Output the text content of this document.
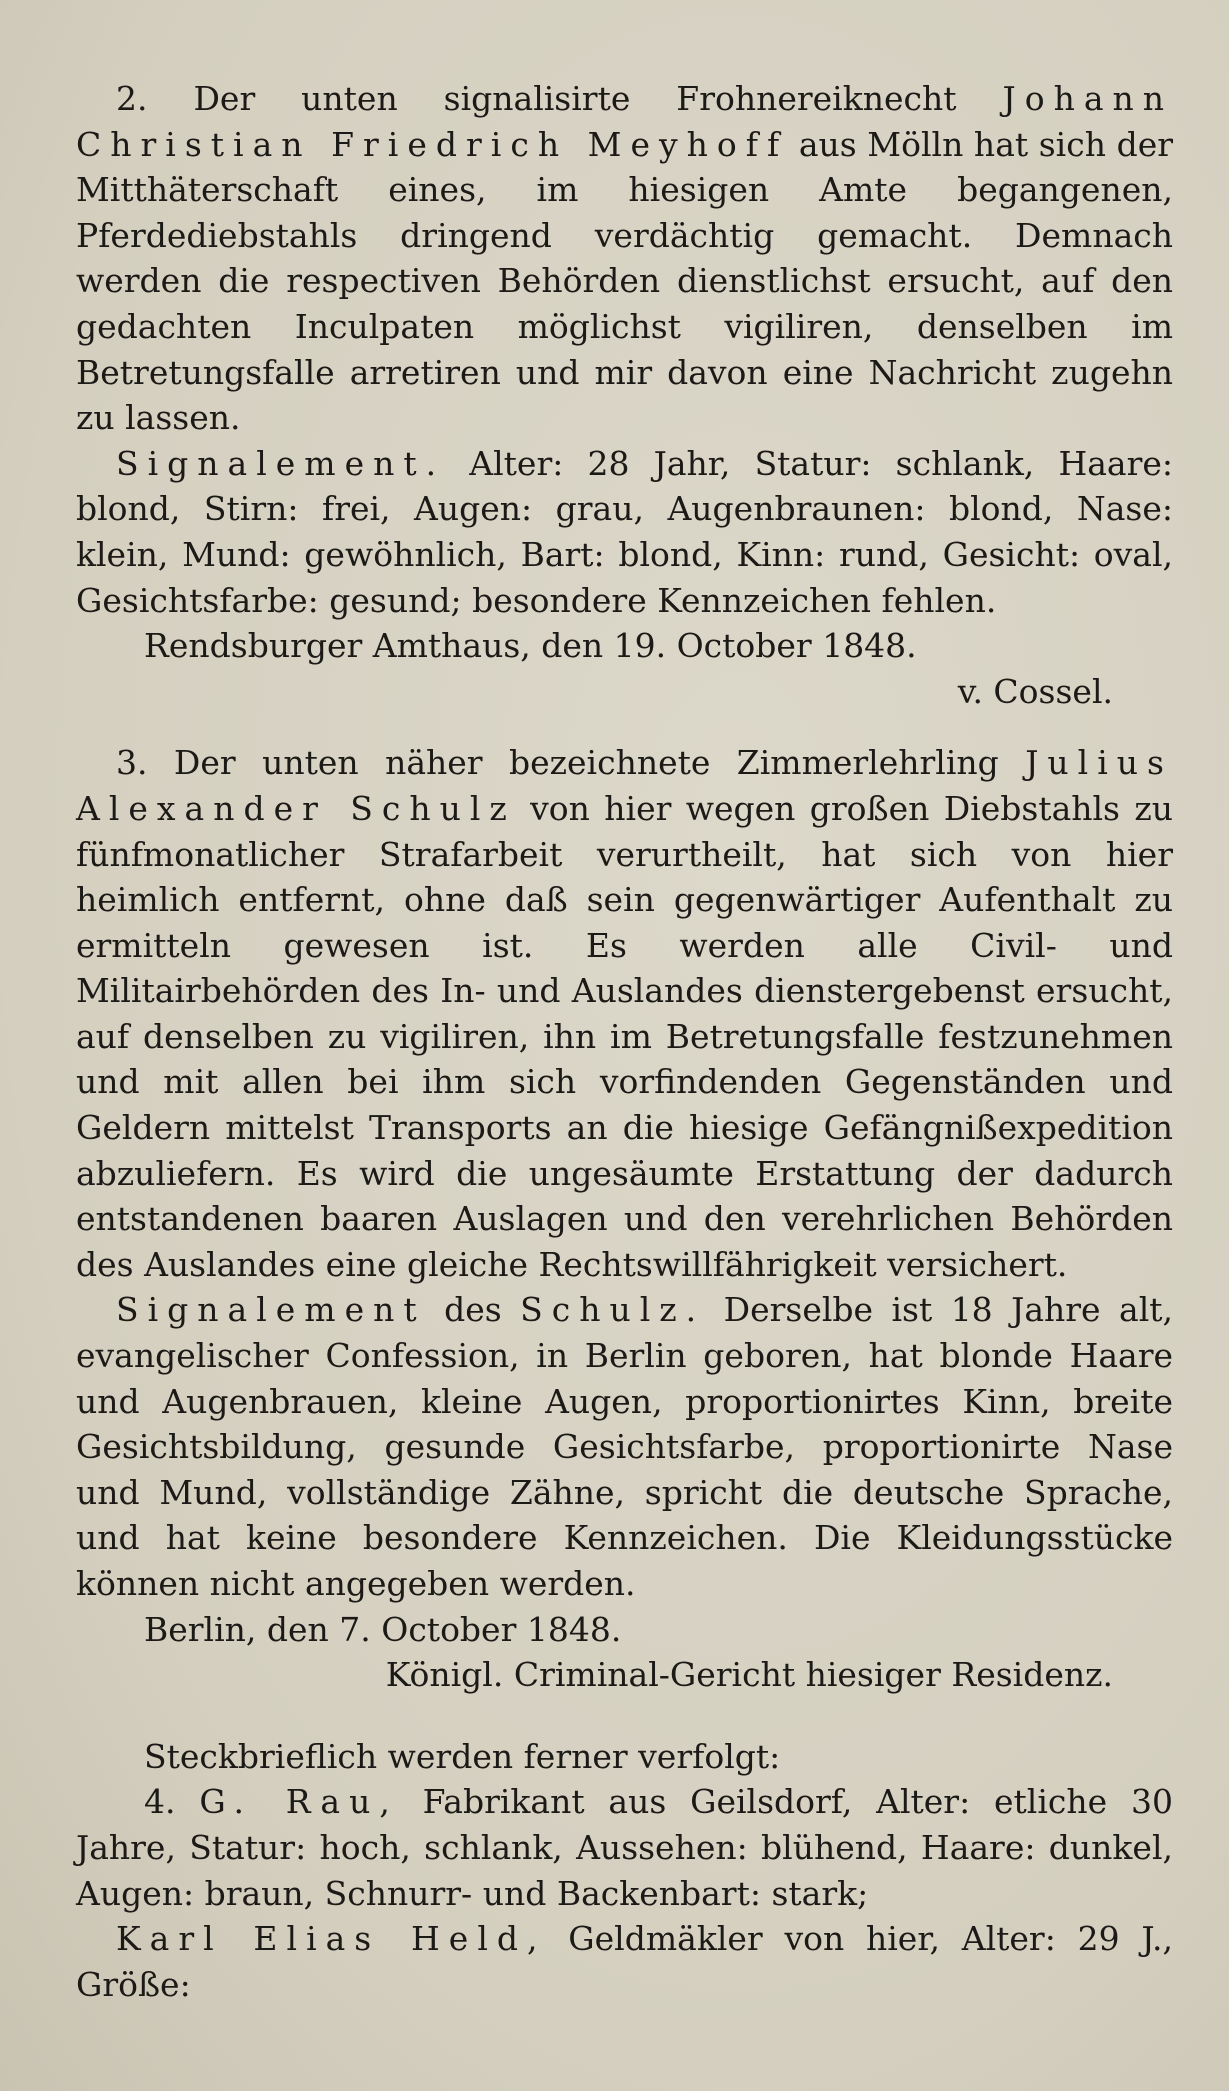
2. Der unten signalisirte Frohnereiknecht Johann Christian Friedrich Meyhoff aus Mölln hat sich der Mitthäterschaft eines, im hiesigen Amte begangenen, Pferdediebstahls dringend verdächtig gemacht. Demnach werden die respectiven Behörden dienstlichst ersucht, auf den gedachten Inculpaten möglichst vigiliren, denselben im Betretungsfalle arretiren und mir davon eine Nachricht zugehn zu lassen.

Signalement. Alter: 28 Jahr, Statur: schlank, Haare: blond, Stirn: frei, Augen: grau, Augenbraunen: blond, Nase: klein, Mund: gewöhnlich, Bart: blond, Kinn: rund, Gesicht: oval, Gesichtsfarbe: gesund; besondere Kennzeichen fehlen.

Rendsburger Amthaus, den 19. October 1848.

v. Cossel.

3. Der unten näher bezeichnete Zimmerlehrling Julius Alexander Schulz von hier wegen großen Diebstahls zu fünfmonatlicher Strafarbeit verurtheilt, hat sich von hier heimlich entfernt, ohne daß sein gegenwärtiger Aufenthalt zu ermitteln gewesen ist. Es werden alle Civil- und Militairbehörden des In- und Auslandes dienstergebenst ersucht, auf denselben zu vigiliren, ihn im Betretungsfalle festzunehmen und mit allen bei ihm sich vorfindenden Gegenständen und Geldern mittelst Transports an die hiesige Gefängnißexpedition abzuliefern. Es wird die ungesäumte Erstattung der dadurch entstandenen baaren Auslagen und den verehrlichen Behörden des Auslandes eine gleiche Rechtswillfährigkeit versichert.

Signalement des Schulz. Derselbe ist 18 Jahre alt, evangelischer Confession, in Berlin geboren, hat blonde Haare und Augenbrauen, kleine Augen, proportionirtes Kinn, breite Gesichtsbildung, gesunde Gesichtsfarbe, proportionirte Nase und Mund, vollständige Zähne, spricht die deutsche Sprache, und hat keine besondere Kennzeichen. Die Kleidungsstücke können nicht angegeben werden.

Berlin, den 7. October 1848.

Königl. Criminal-Gericht hiesiger Residenz.

Steckbrieflich werden ferner verfolgt:

4. G. Rau, Fabrikant aus Geilsdorf, Alter: etliche 30 Jahre, Statur: hoch, schlank, Aussehen: blühend, Haare: dunkel, Augen: braun, Schnurr- und Backenbart: stark;

Karl Elias Held, Geldmäkler von hier, Alter: 29 J., Größe:
